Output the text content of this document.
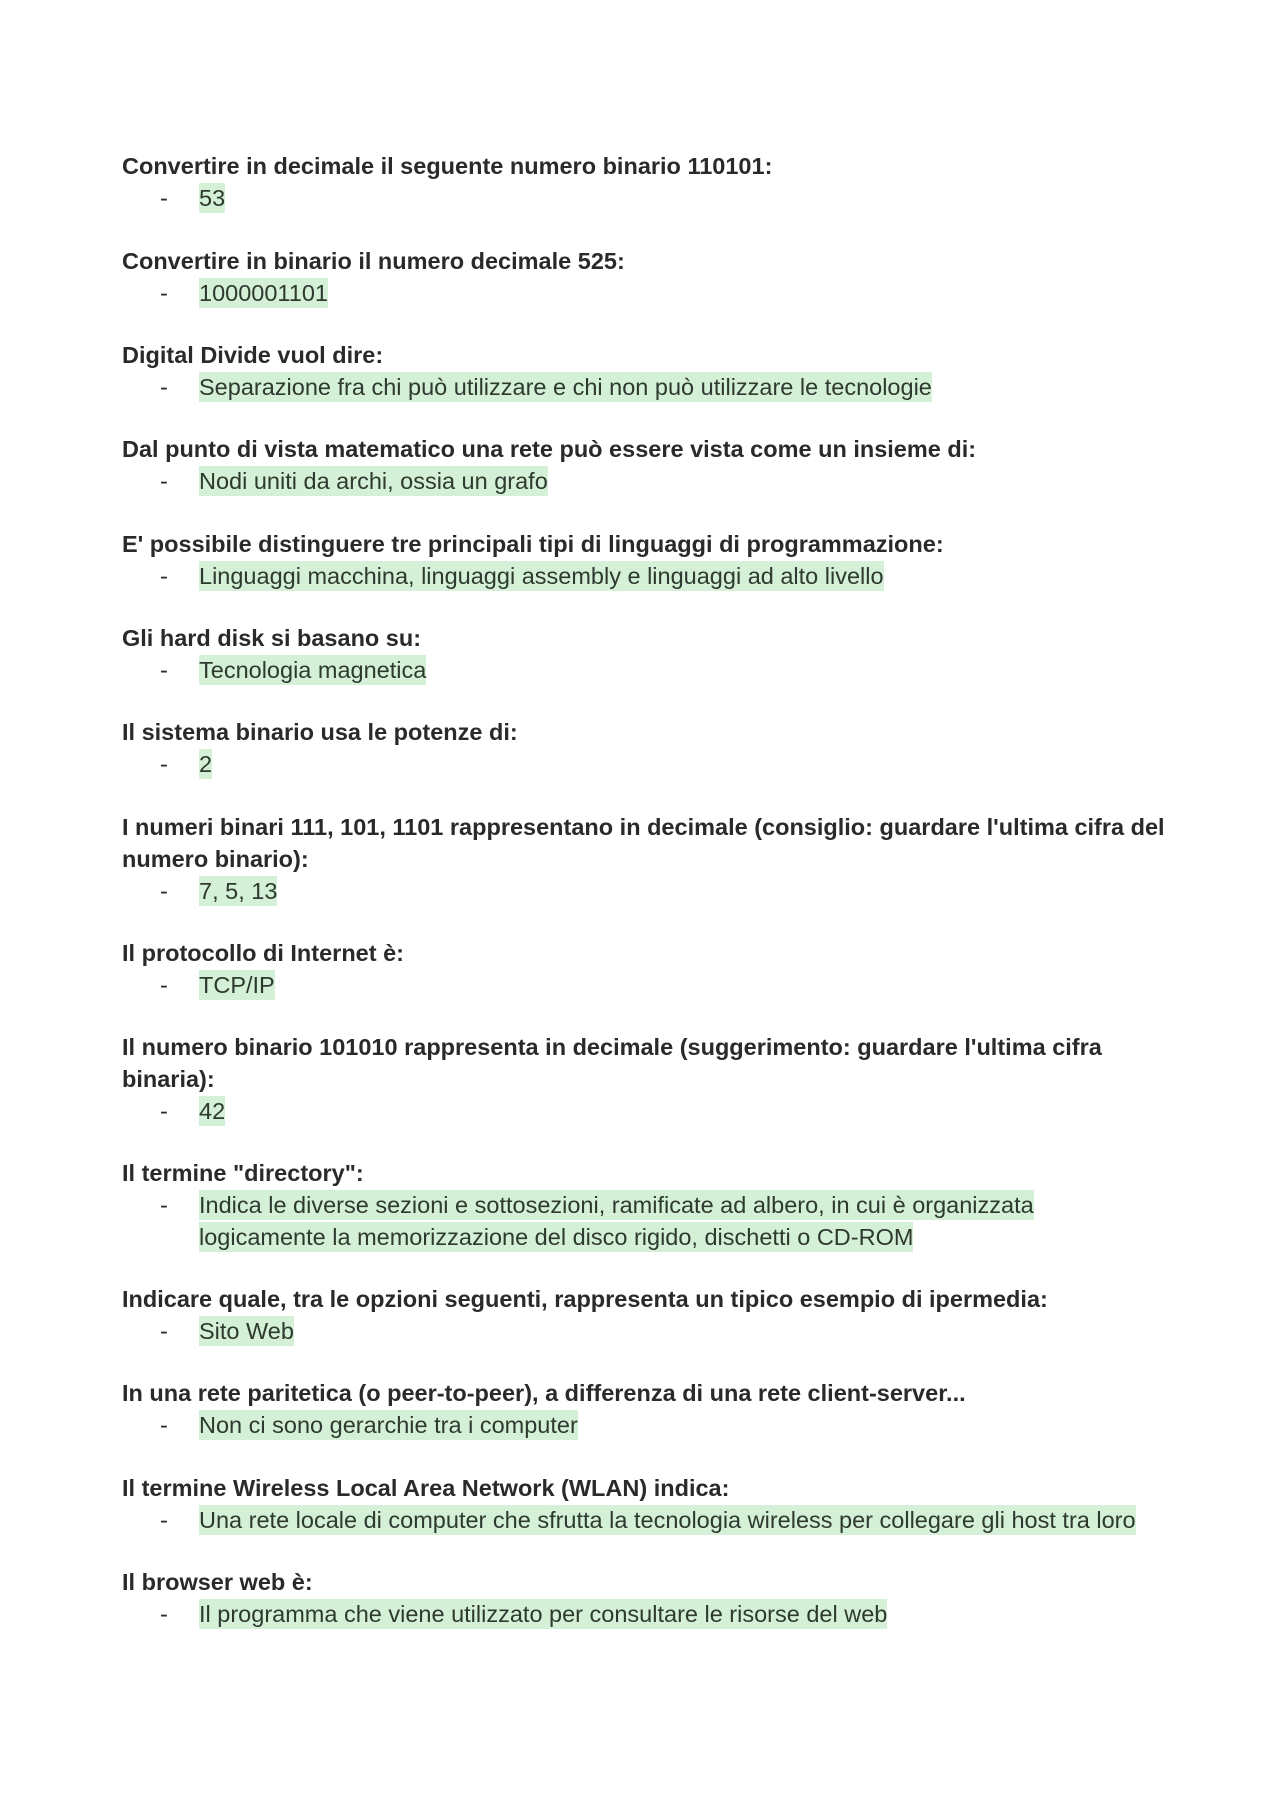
Convertire in decimale il seguente numero binario 110101:

- 53

Convertire in binario il numero decimale 525:

- 1000001101

Digital Divide vuol dire:

- Separazione fra chi può utilizzare e chi non può utilizzare le tecnologie

Dal punto di vista matematico una rete può essere vista come un insieme di:

- Nodi uniti da archi, ossia un grafo

E' possibile distinguere tre principali tipi di linguaggi di programmazione:

- Linguaggi macchina, linguaggi assembly e linguaggi ad alto livello

Gli hard disk si basano su:

- Tecnologia magnetica

Il sistema binario usa le potenze di:

- 2

I numeri binari 111, 101, 1101 rappresentano in decimale (consiglio: guardare l'ultima cifra del numero binario):

- 7, 5, 13

Il protocollo di Internet è:

- TCP/IP

Il numero binario 101010 rappresenta in decimale (suggerimento: guardare l'ultima cifra binaria):

- 42

Il termine "directory":

- Indica le diverse sezioni e sottosezioni, ramificate ad albero, in cui è organizzata logicamente la memorizzazione del disco rigido, dischetti o CD-ROM

Indicare quale, tra le opzioni seguenti, rappresenta un tipico esempio di ipermedia:

- Sito Web

In una rete paritetica (o peer-to-peer), a differenza di una rete client-server...

- Non ci sono gerarchie tra i computer

Il termine Wireless Local Area Network (WLAN) indica:

- Una rete locale di computer che sfrutta la tecnologia wireless per collegare gli host tra loro

Il browser web è:

- Il programma che viene utilizzato per consultare le risorse del web
